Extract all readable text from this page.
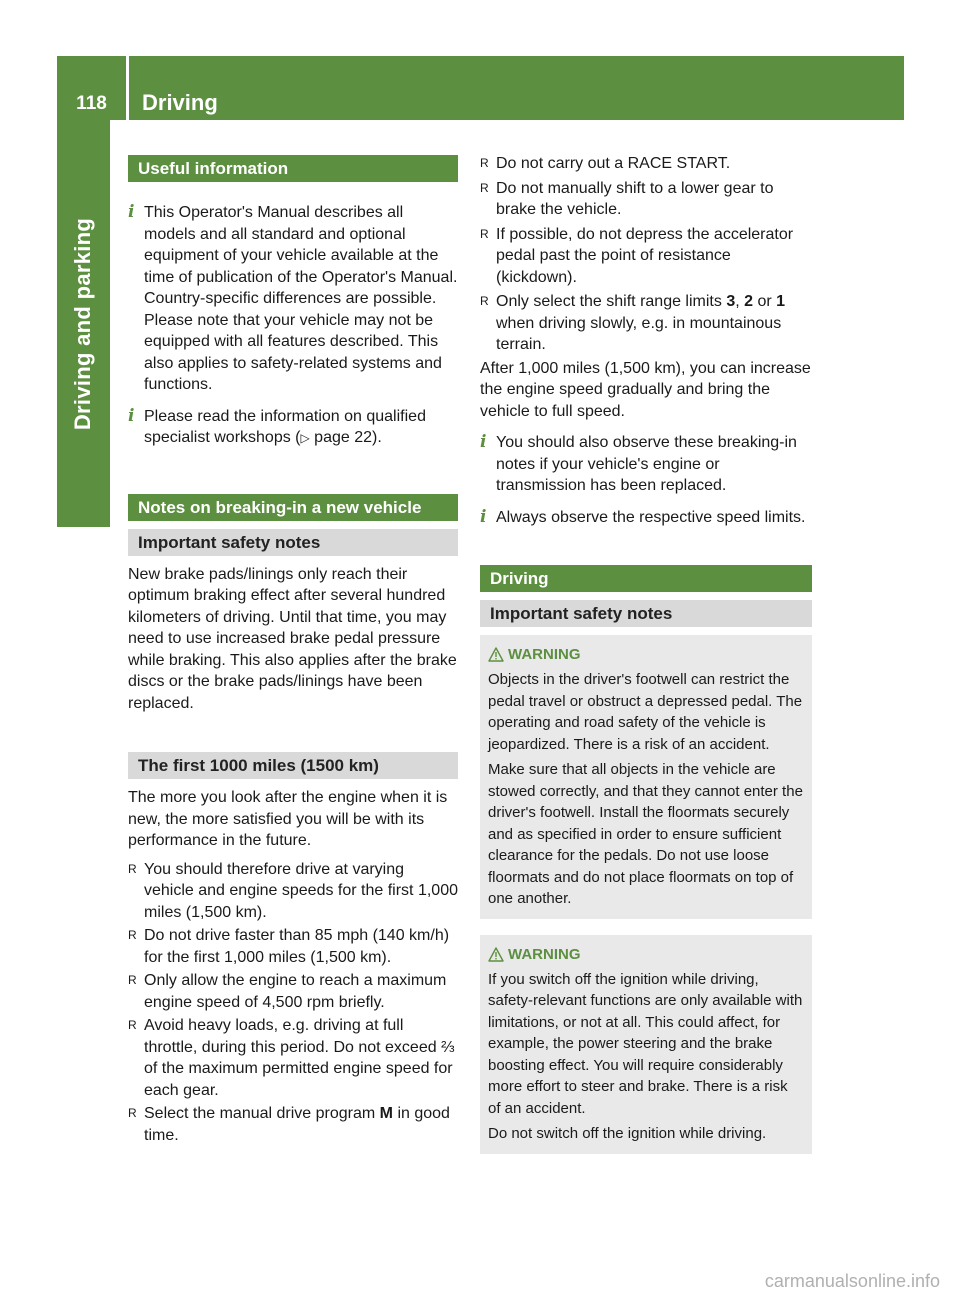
118	Driving
Driving and parking
Useful information
i This Operator's Manual describes all models and all standard and optional equipment of your vehicle available at the time of publication of the Operator's Manual. Country-specific differences are possible. Please note that your vehicle may not be equipped with all features described. This also applies to safety-related systems and functions.

i Please read the information on qualified specialist workshops (▷ page 22).

Notes on breaking-in a new vehicle
Important safety notes

New brake pads/linings only reach their optimum braking effect after several hundred kilometers of driving. Until that time, you may need to use increased brake pedal pressure while braking. This also applies after the brake discs or the brake pads/linings have been replaced.

The first 1000 miles (1500 km)

The more you look after the engine when it is new, the more satisfied you will be with its performance in the future.

R You should therefore drive at varying vehicle and engine speeds for the first 1,000 miles (1,500 km).
R Do not drive faster than 85 mph (140 km/h) for the first 1,000 miles (1,500 km).
R Only allow the engine to reach a maximum engine speed of 4,500 rpm briefly.
R Avoid heavy loads, e.g. driving at full throttle, during this period. Do not exceed ⅔ of the maximum permitted engine speed for each gear.
R Select the manual drive program M in good time.
R Do not carry out a RACE START.
R Do not manually shift to a lower gear to brake the vehicle.
R If possible, do not depress the accelerator pedal past the point of resistance (kickdown).
R Only select the shift range limits 3, 2 or 1 when driving slowly, e.g. in mountainous terrain.

After 1,000 miles (1,500 km), you can increase the engine speed gradually and bring the vehicle to full speed.

i You should also observe these breaking-in notes if your vehicle's engine or transmission has been replaced.

i Always observe the respective speed limits.

Driving
Important safety notes
WARNING

Objects in the driver's footwell can restrict the pedal travel or obstruct a depressed pedal. The operating and road safety of the vehicle is jeopardized. There is a risk of an accident.

Make sure that all objects in the vehicle are stowed correctly, and that they cannot enter the driver's footwell. Install the floormats securely and as specified in order to ensure sufficient clearance for the pedals. Do not use loose floormats and do not place floormats on top of one another.

WARNING

If you switch off the ignition while driving, safety-relevant functions are only available with limitations, or not at all. This could affect, for example, the power steering and the brake boosting effect. You will require considerably more effort to steer and brake. There is a risk of an accident.

Do not switch off the ignition while driving.

carmanualsonline.info
